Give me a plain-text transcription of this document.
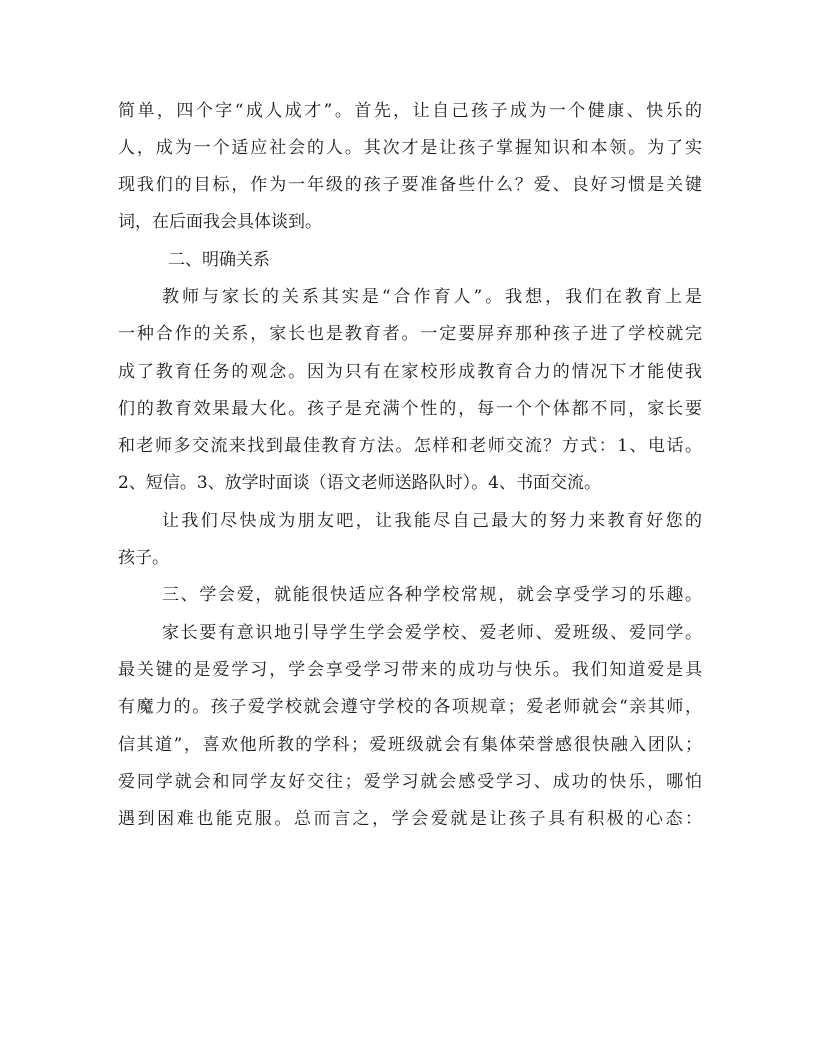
简单，四个字“成人成才”。首先，让自己孩子成为一个健康、快乐的
人，成为一个适应社会的人。其次才是让孩子掌握知识和本领。为了实
现我们的目标，作为一年级的孩子要准备些什么？爱、良好习惯是关键
词，在后面我会具体谈到。
二、明确关系
教师与家长的关系其实是“合作育人”。我想，我们在教育上是
一种合作的关系，家长也是教育者。一定要屏弃那种孩子进了学校就完
成了教育任务的观念。因为只有在家校形成教育合力的情况下才能使我
们的教育效果最大化。孩子是充满个性的，每一个个体都不同，家长要
和老师多交流来找到最佳教育方法。怎样和老师交流？方式：1、电话。
2、短信。3、放学时面谈（语文老师送路队时）。4、书面交流。
让我们尽快成为朋友吧，让我能尽自己最大的努力来教育好您的
孩子。
三、学会爱，就能很快适应各种学校常规，就会享受学习的乐趣。
家长要有意识地引导学生学会爱学校、爱老师、爱班级、爱同学。
最关键的是爱学习，学会享受学习带来的成功与快乐。我们知道爱是具
有魔力的。孩子爱学校就会遵守学校的各项规章；爱老师就会“亲其师，
信其道”，喜欢他所教的学科；爱班级就会有集体荣誉感很快融入团队；
爱同学就会和同学友好交往；爱学习就会感受学习、成功的快乐，哪怕
遇到困难也能克服。总而言之，学会爱就是让孩子具有积极的心态：
